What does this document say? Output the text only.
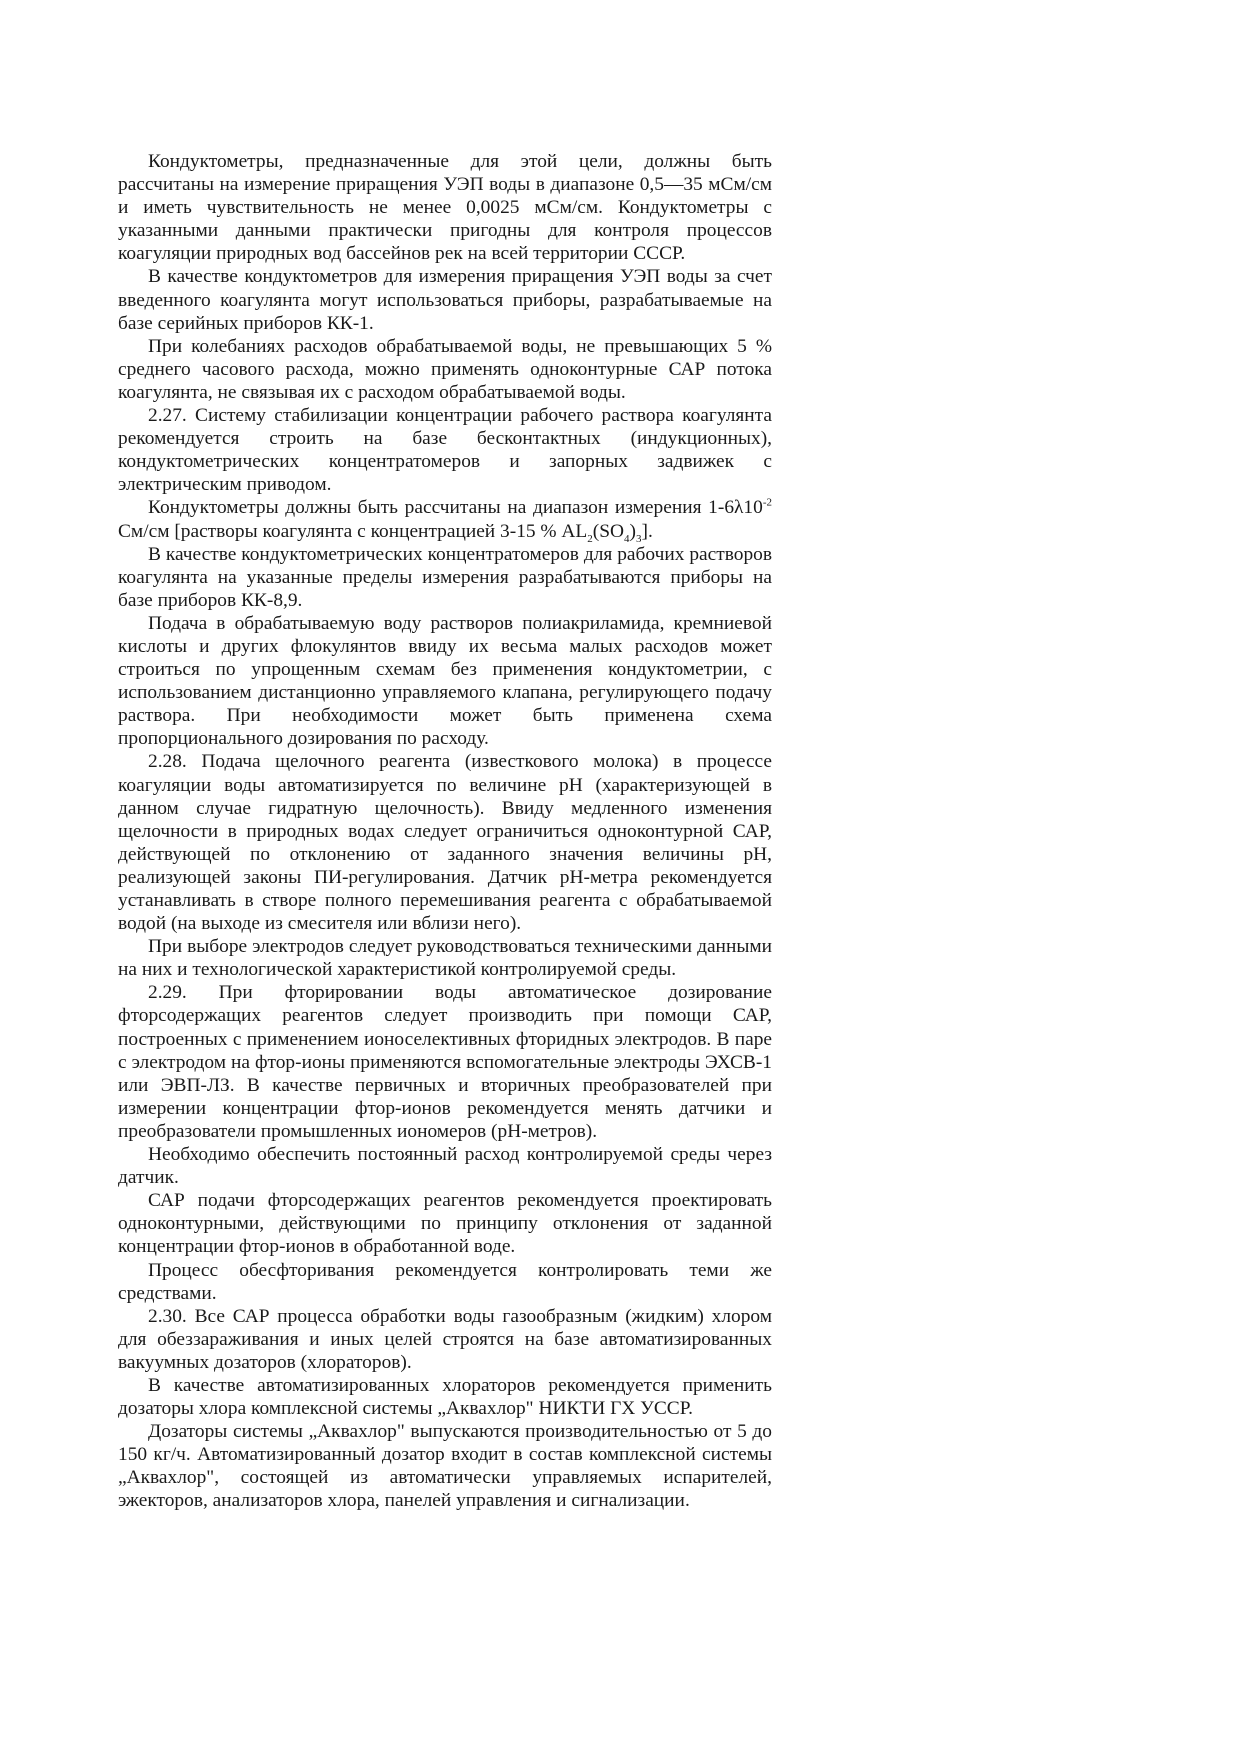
Кондуктометры, предназначенные для этой цели, должны быть рассчитаны на измерение приращения УЭП воды в диапазоне 0,5—35 мСм/см и иметь чувствительность не менее 0,0025 мСм/см. Кондуктометры с указанными данными практически пригодны для контроля процессов коагуляции природных вод бассейнов рек на всей территории СССР.

В качестве кондуктометров для измерения приращения УЭП воды за счет введенного коагулянта могут использоваться приборы, разрабатываемые на базе серийных приборов КК-1.

При колебаниях расходов обрабатываемой воды, не превышающих 5 % среднего часового расхода, можно применять одноконтурные САР потока коагулянта, не связывая их с расходом обрабатываемой воды.

2.27. Систему стабилизации концентрации рабочего раствора коагулянта рекомендуется строить на базе бесконтактных (индукционных), кондуктометрических концентратомеров и запорных задвижек с электрическим приводом.

Кондуктометры должны быть рассчитаны на диапазон измерения $1-6\lambda 10^{-2}$ См/см [растворы коагулянта с концентрацией 3-15 % $AL_2(SO_4)_3$].

В качестве кондуктометрических концентратомеров для рабочих растворов коагулянта на указанные пределы измерения разрабатываются приборы на базе приборов КК-8,9.

Подача в обрабатываемую воду растворов полиакриламида, кремниевой кислоты и других флокулянтов ввиду их весьма малых расходов может строиться по упрощенным схемам без применения кондуктометрии, с использованием дистанционно управляемого клапана, регулирующего подачу раствора. При необходимости может быть применена схема пропорционального дозирования по расходу.

2.28. Подача щелочного реагента (известкового молока) в процессе коагуляции воды автоматизируется по величине рН (характеризующей в данном случае гидратную щелочность). Ввиду медленного изменения щелочности в природных водах следует ограничиться одноконтурной САР, действующей по отклонению от заданного значения величины рН, реализующей законы ПИ-регулирования. Датчик рН-метра рекомендуется устанавливать в створе полного перемешивания реагента с обрабатываемой водой (на выходе из смесителя или вблизи него).

При выборе электродов следует руководствоваться техническими данными на них и технологической характеристикой контролируемой среды.

2.29. При фторировании воды автоматическое дозирование фторсодержащих реагентов следует производить при помощи САР, построенных с применением ионоселективных фторидных электродов. В паре с электродом на фтор-ионы применяются вспомогательные электроды ЭХСВ-1 или ЭВП-ЛЗ. В качестве первичных и вторичных преобразователей при измерении концентрации фтор-ионов рекомендуется менять датчики и преобразователи промышленных иономеров (рН-метров).

Необходимо обеспечить постоянный расход контролируемой среды через датчик.

САР подачи фторсодержащих реагентов рекомендуется проектировать одноконтурными, действующими по принципу отклонения от заданной концентрации фтор-ионов в обработанной воде.

Процесс обесфторивания рекомендуется контролировать теми же средствами.

2.30. Все САР процесса обработки воды газообразным (жидким) хлором для обеззараживания и иных целей строятся на базе автоматизированных вакуумных дозаторов (хлораторов).

В качестве автоматизированных хлораторов рекомендуется применить дозаторы хлора комплексной системы „Аквахлор" НИКТИ ГХ УССР.

Дозаторы системы „Аквахлор" выпускаются производительностью от 5 до 150 кг/ч. Автоматизированный дозатор входит в состав комплексной системы „Аквахлор", состоящей из автоматически управляемых испарителей, эжекторов, анализаторов хлора, панелей управления и сигнализации.
